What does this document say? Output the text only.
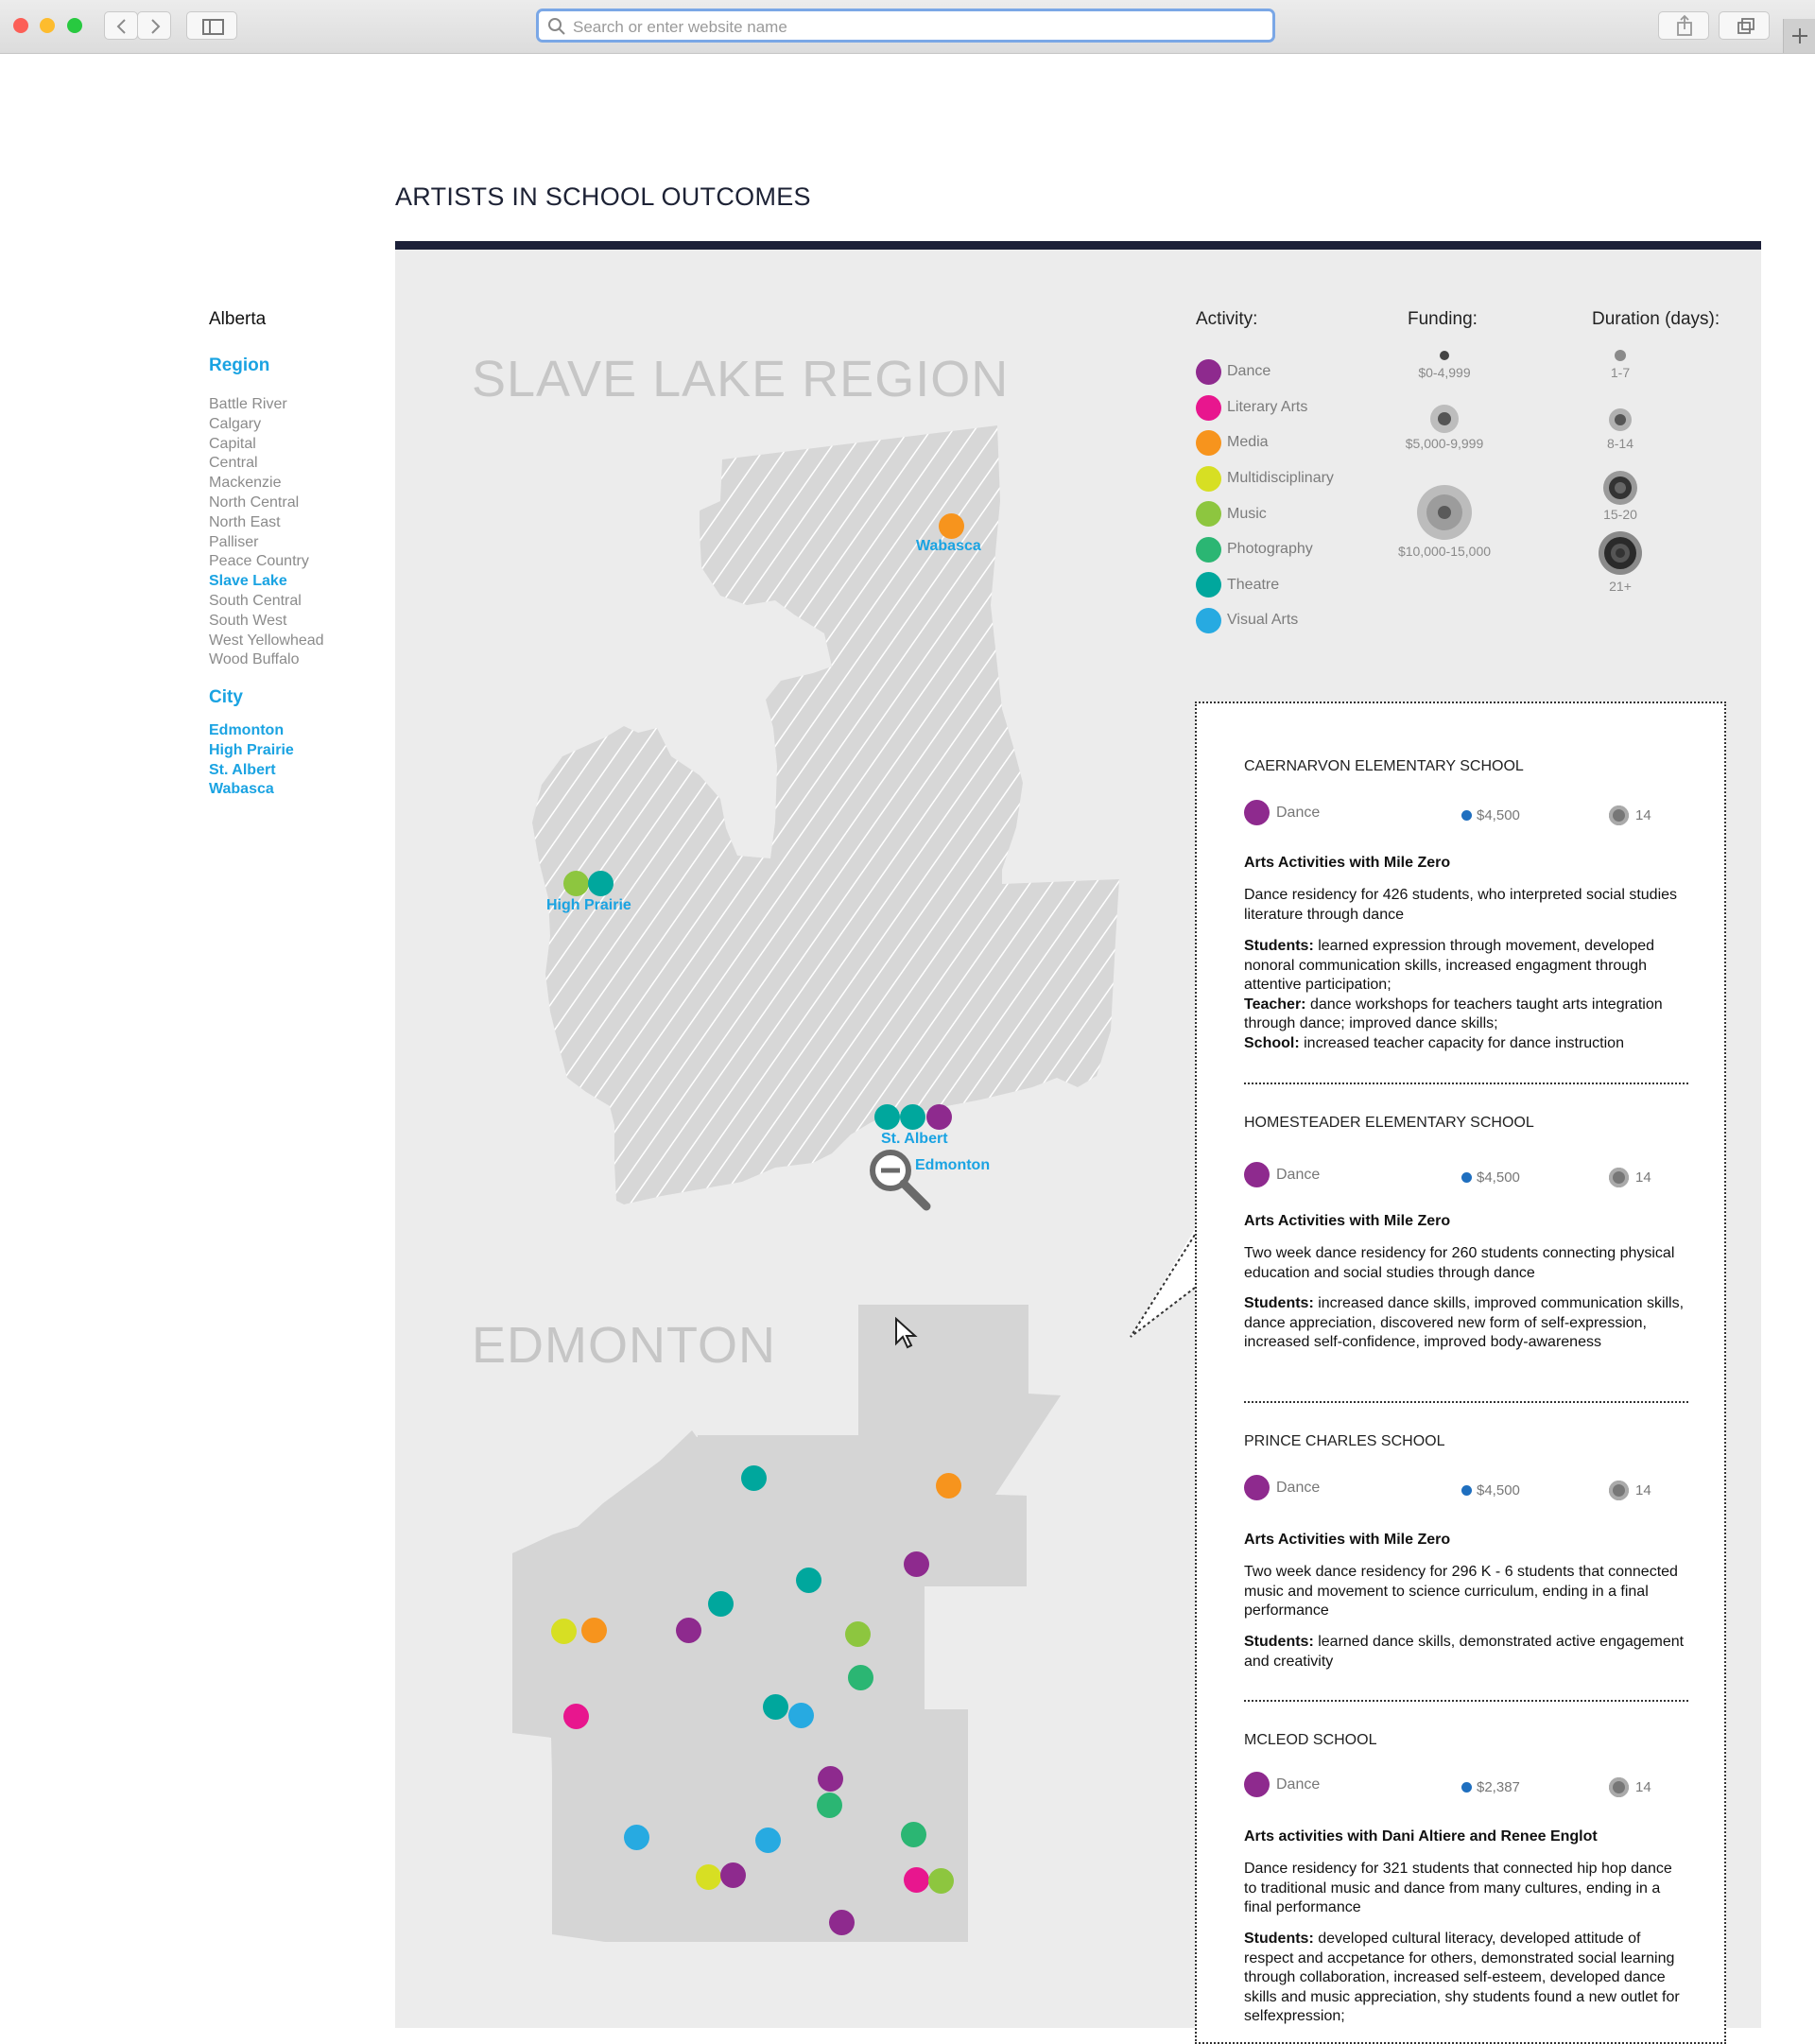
Search or enter website name
ARTISTS IN SCHOOL OUTCOMES
Alberta
Region
Battle River
Calgary
Capital
Central
Mackenzie
North Central
North East
Palliser
Peace Country
Slave Lake
South Central
South West
West Yellowhead
Wood Buffalo
City
Edmonton
High Prairie
St. Albert
Wabasca
SLAVE LAKE REGION
Wabasca
High Prairie
St. Albert
Edmonton
EDMONTON
Activity:	Funding:	Duration (days):
Dance
Literary Arts
Media
Multidisciplinary
Music
Photography
Theatre
Visual Arts
$0-4,999
$5,000-9,999
$10,000-15,000
1-7
8-14
15-20
21+
CAERNARVON ELEMENTARY SCHOOL
Dance	$4,500	14
Arts Activities with Mile Zero
Dance residency for 426 students, who interpreted social studies literature through dance
Students: learned expression through movement, developed nonoral communication skills, increased engagment through attentive participation;
Teacher: dance workshops for teachers taught arts integration through dance; improved dance skills;
School: increased teacher capacity for dance instruction
HOMESTEADER ELEMENTARY SCHOOL
Dance	$4,500	14
Arts Activities with Mile Zero
Two week dance residency for 260 students connecting physical education and social studies through dance
Students: increased dance skills, improved communication skills, dance appreciation, discovered new form of self-expression, increased self-confidence, improved body-awareness
PRINCE CHARLES SCHOOL
Dance	$4,500	14
Arts Activities with Mile Zero
Two week dance residency for 296 K - 6 students that connected music and movement to science curriculum, ending in a final performance
Students: learned dance skills, demonstrated active engagement and creativity
MCLEOD SCHOOL
Dance	$2,387	14
Arts activities with Dani Altiere and Renee Englot
Dance residency for 321 students that connected hip hop dance to traditional music and dance from many cultures, ending in a final performance
Students: developed cultural literacy, developed attitude of respect and accpetance for others, demonstrated social learning through collaboration, increased self-esteem, developed dance skills and music appreciation, shy students found a new outlet for selfexpression;
